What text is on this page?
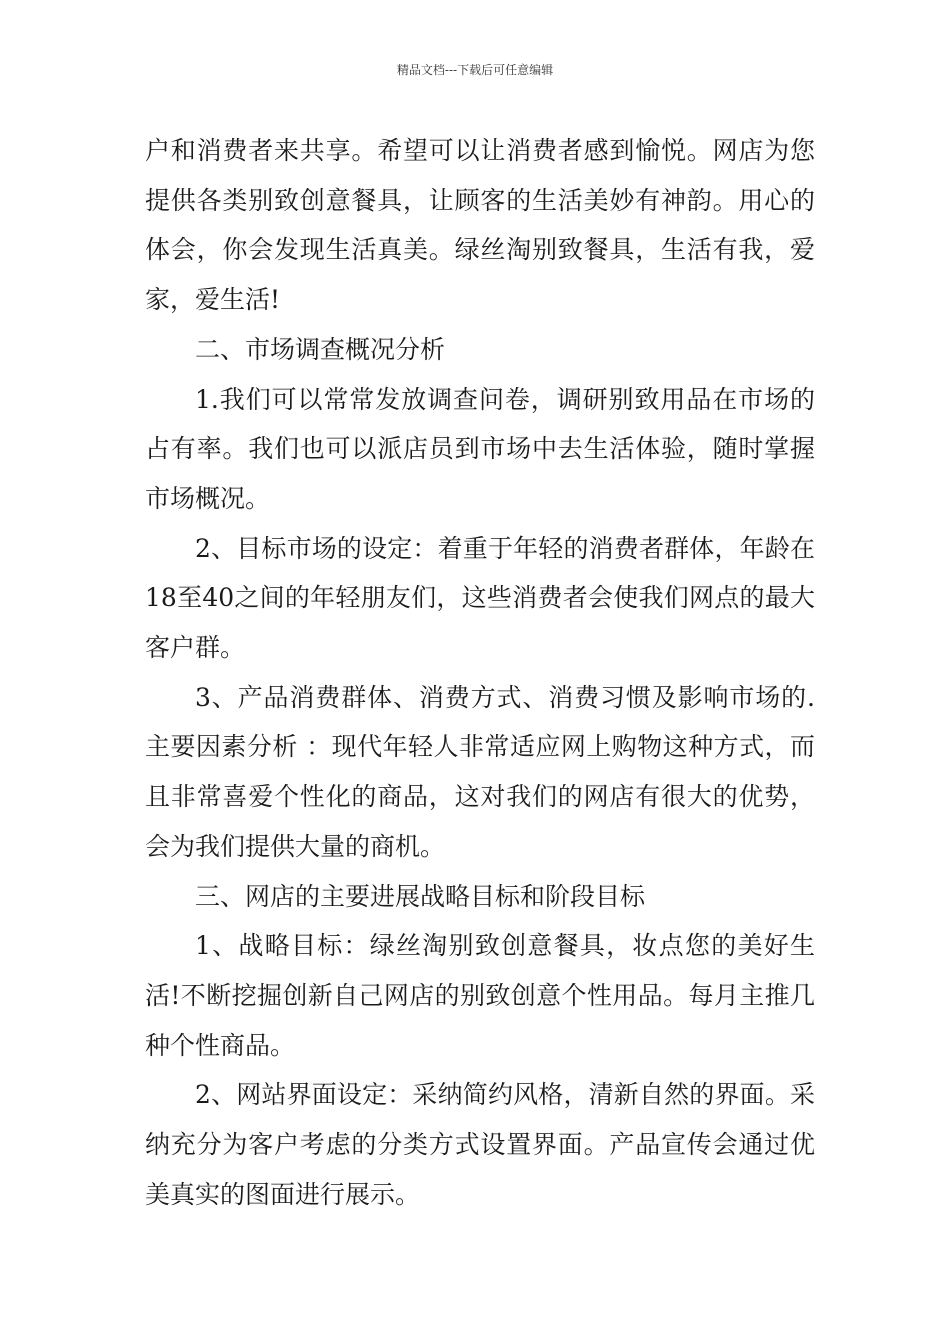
精品文档---下载后可任意编辑

户和消费者来共享。希望可以让消费者感到愉悦。网店为您提供各类别致创意餐具，让顾客的生活美妙有神韵。用心的体会，你会发现生活真美。绿丝淘别致餐具，生活有我，爱家，爱生活!

二、市场调查概况分析

1.我们可以常常发放调查问卷，调研别致用品在市场的占有率。我们也可以派店员到市场中去生活体验，随时掌握市场概况。

2、目标市场的设定：着重于年轻的消费者群体，年龄在18至40之间的年轻朋友们，这些消费者会使我们网点的最大客户群。

3、产品消费群体、消费方式、消费习惯及影响市场的.主要因素分析 ：现代年轻人非常适应网上购物这种方式，而且非常喜爱个性化的商品，这对我们的网店有很大的优势，会为我们提供大量的商机。

三、网店的主要进展战略目标和阶段目标

1、战略目标：绿丝淘别致创意餐具，妆点您的美好生活!不断挖掘创新自己网店的别致创意个性用品。每月主推几种个性商品。

2、网站界面设定：采纳简约风格，清新自然的界面。采纳充分为客户考虑的分类方式设置界面。产品宣传会通过优美真实的图面进行展示。
